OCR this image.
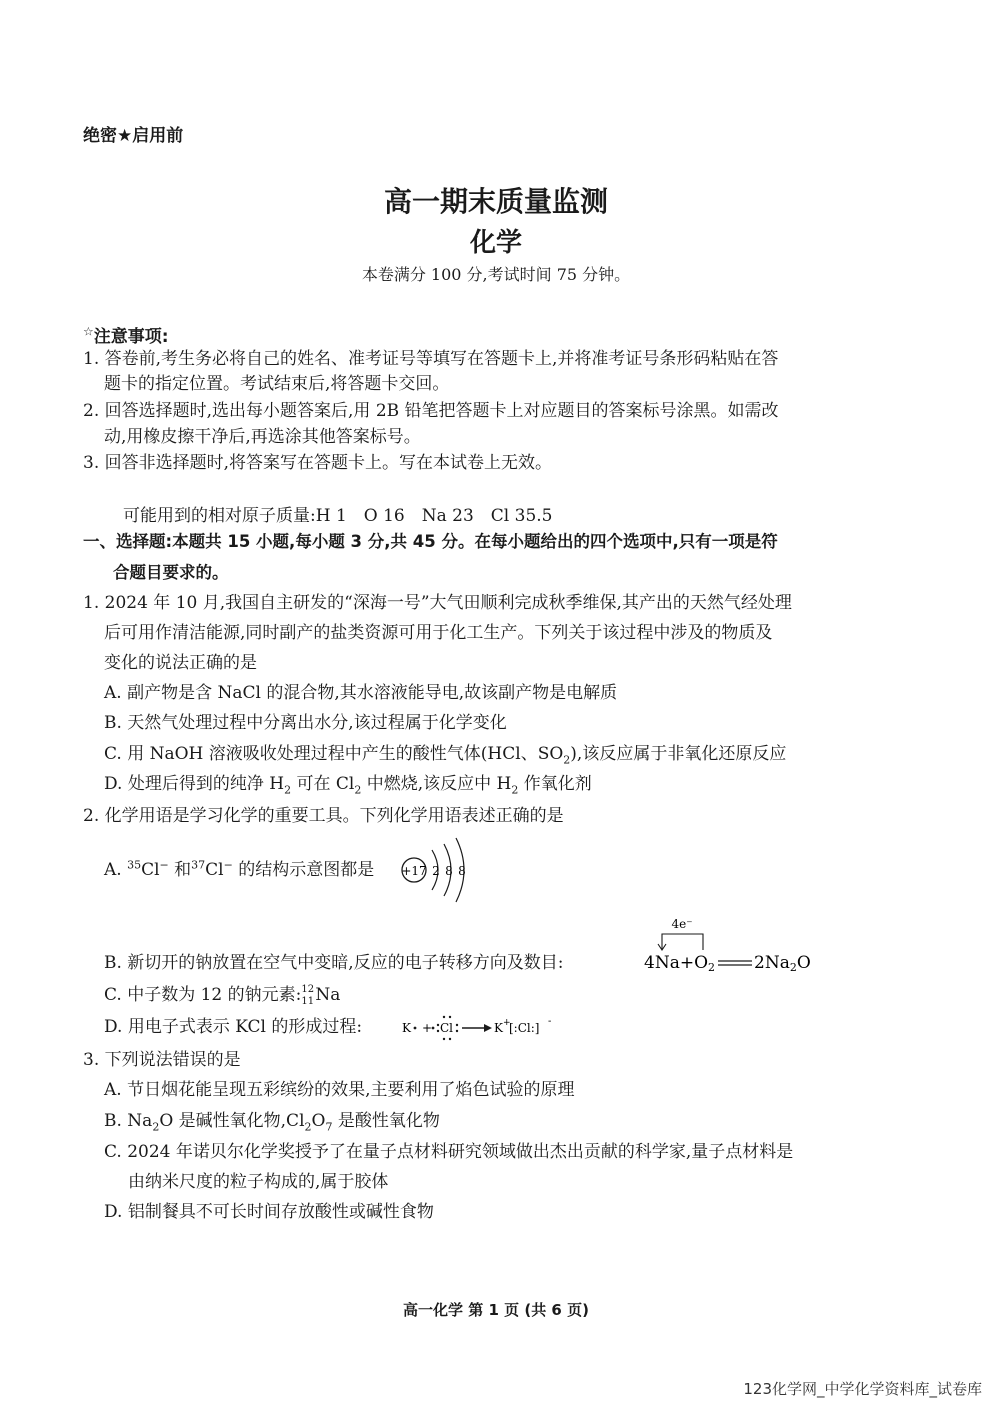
绝密★启用前
高一期末质量监测
化学
本卷满分 100 分,考试时间 75 分钟。
☆注意事项:
1. 答卷前,考生务必将自己的姓名、准考证号等填写在答题卡上,并将准考证号条形码粘贴在答
题卡的指定位置。考试结束后,将答题卡交回。
2. 回答选择题时,选出每小题答案后,用 2B 铅笔把答题卡上对应题目的答案标号涂黑。如需改
动,用橡皮擦干净后,再选涂其他答案标号。
3. 回答非选择题时,将答案写在答题卡上。写在本试卷上无效。
可能用到的相对原子质量:H 1　O 16　Na 23　Cl 35.5
一、选择题:本题共 15 小题,每小题 3 分,共 45 分。在每小题给出的四个选项中,只有一项是符
合题目要求的。
1. 2024 年 10 月,我国自主研发的“深海一号”大气田顺利完成秋季维保,其产出的天然气经处理
后可用作清洁能源,同时副产的盐类资源可用于化工生产。下列关于该过程中涉及的物质及
变化的说法正确的是
A. 副产物是含 NaCl 的混合物,其水溶液能导电,故该副产物是电解质
B. 天然气处理过程中分离出水分,该过程属于化学变化
C. 用 NaOH 溶液吸收处理过程中产生的酸性气体(HCl、$SO_2$),该反应属于非氧化还原反应
D. 处理后得到的纯净 $H_2$ 可在 $Cl_2$ 中燃烧,该反应中 $H_2$ 作氧化剂
2. 化学用语是学习化学的重要工具。下列化学用语表述正确的是
A. $^{35}$Cl− 和$^{37}$Cl− 的结构示意图都是 +17 2 8 8
B. 新切开的钠放置在空气中变暗,反应的电子转移方向及数目:
4e⁻
4Na+O2 2Na2O
C. 中子数为 12 的钠元素: 12
11 Na
D. 用电子式表示 KCl 的形成过程:	K + Cl	K +
[:Cl:] -
3. 下列说法错误的是
A. 节日烟花能呈现五彩缤纷的效果,主要利用了焰色试验的原理
B. $Na_2O$ 是碱性氧化物$,Cl_2O_7$ 是酸性氧化物
C. 2024 年诺贝尔化学奖授予了在量子点材料研究领域做出杰出贡献的科学家,量子点材料是
由纳米尺度的粒子构成的,属于胶体
D. 铝制餐具不可长时间存放酸性或碱性食物
高一化学 第 1 页 (共 6 页)
123化学网_中学化学资料库_试卷库
